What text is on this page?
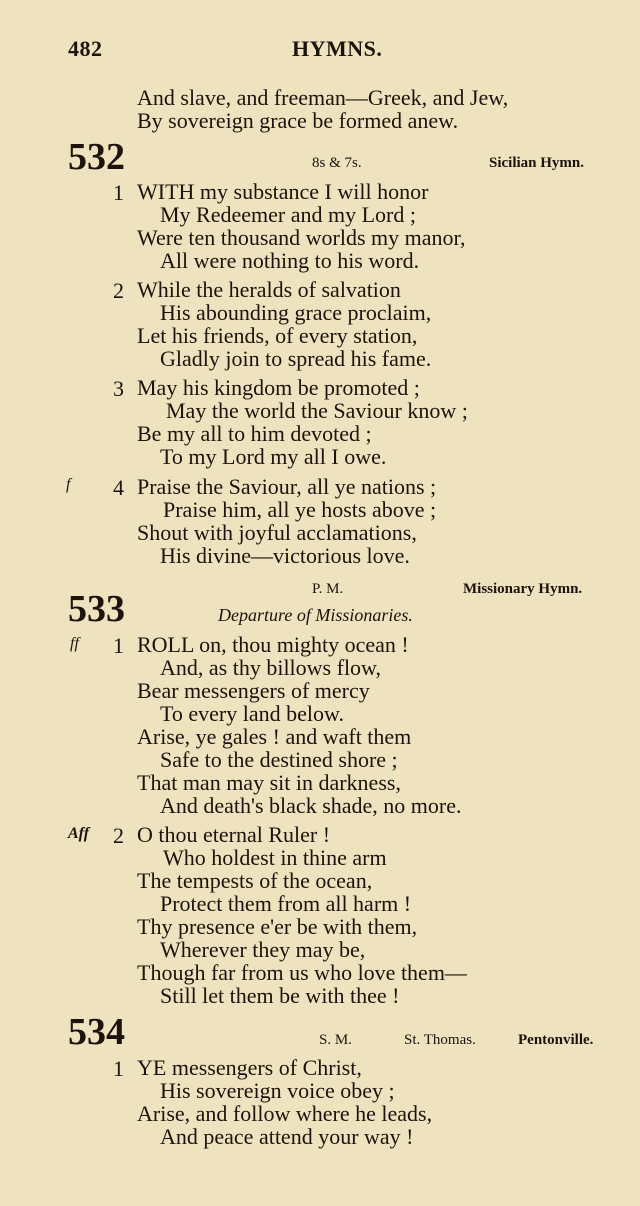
482	HYMNS.
And slave, and freeman—Greek, and Jew,
By sovereign grace be formed anew.
532	8s & 7s.	Sicilian Hymn.
1 WITH my substance I will honor
My Redeemer and my Lord ;
Were ten thousand worlds my manor,
All were nothing to his word.
2 While the heralds of salvation
His abounding grace proclaim,
Let his friends, of every station,
Gladly join to spread his fame.
3 May his kingdom be promoted ;
May the world the Saviour know ;
Be my all to him devoted ;
To my Lord my all I owe.
f 4 Praise the Saviour, all ye nations ;
Praise him, all ye hosts above ;
Shout with joyful acclamations,
His divine—victorious love.
P. M.	Missionary Hymn.
533	Departure of Missionaries.
ff 1 ROLL on, thou mighty ocean !
And, as thy billows flow,
Bear messengers of mercy
To every land below.
Arise, ye gales ! and waft them
Safe to the destined shore ;
That man may sit in darkness,
And death's black shade, no more.
Aff 2 O thou eternal Ruler !
Who holdest in thine arm
The tempests of the ocean,
Protect them from all harm !
Thy presence e'er be with them,
Wherever they may be,
Though far from us who love them—
Still let them be with thee !
534	S. M.	St. Thomas.	Pentonville.
1 YE messengers of Christ,
His sovereign voice obey ;
Arise, and follow where he leads,
And peace attend your way !
